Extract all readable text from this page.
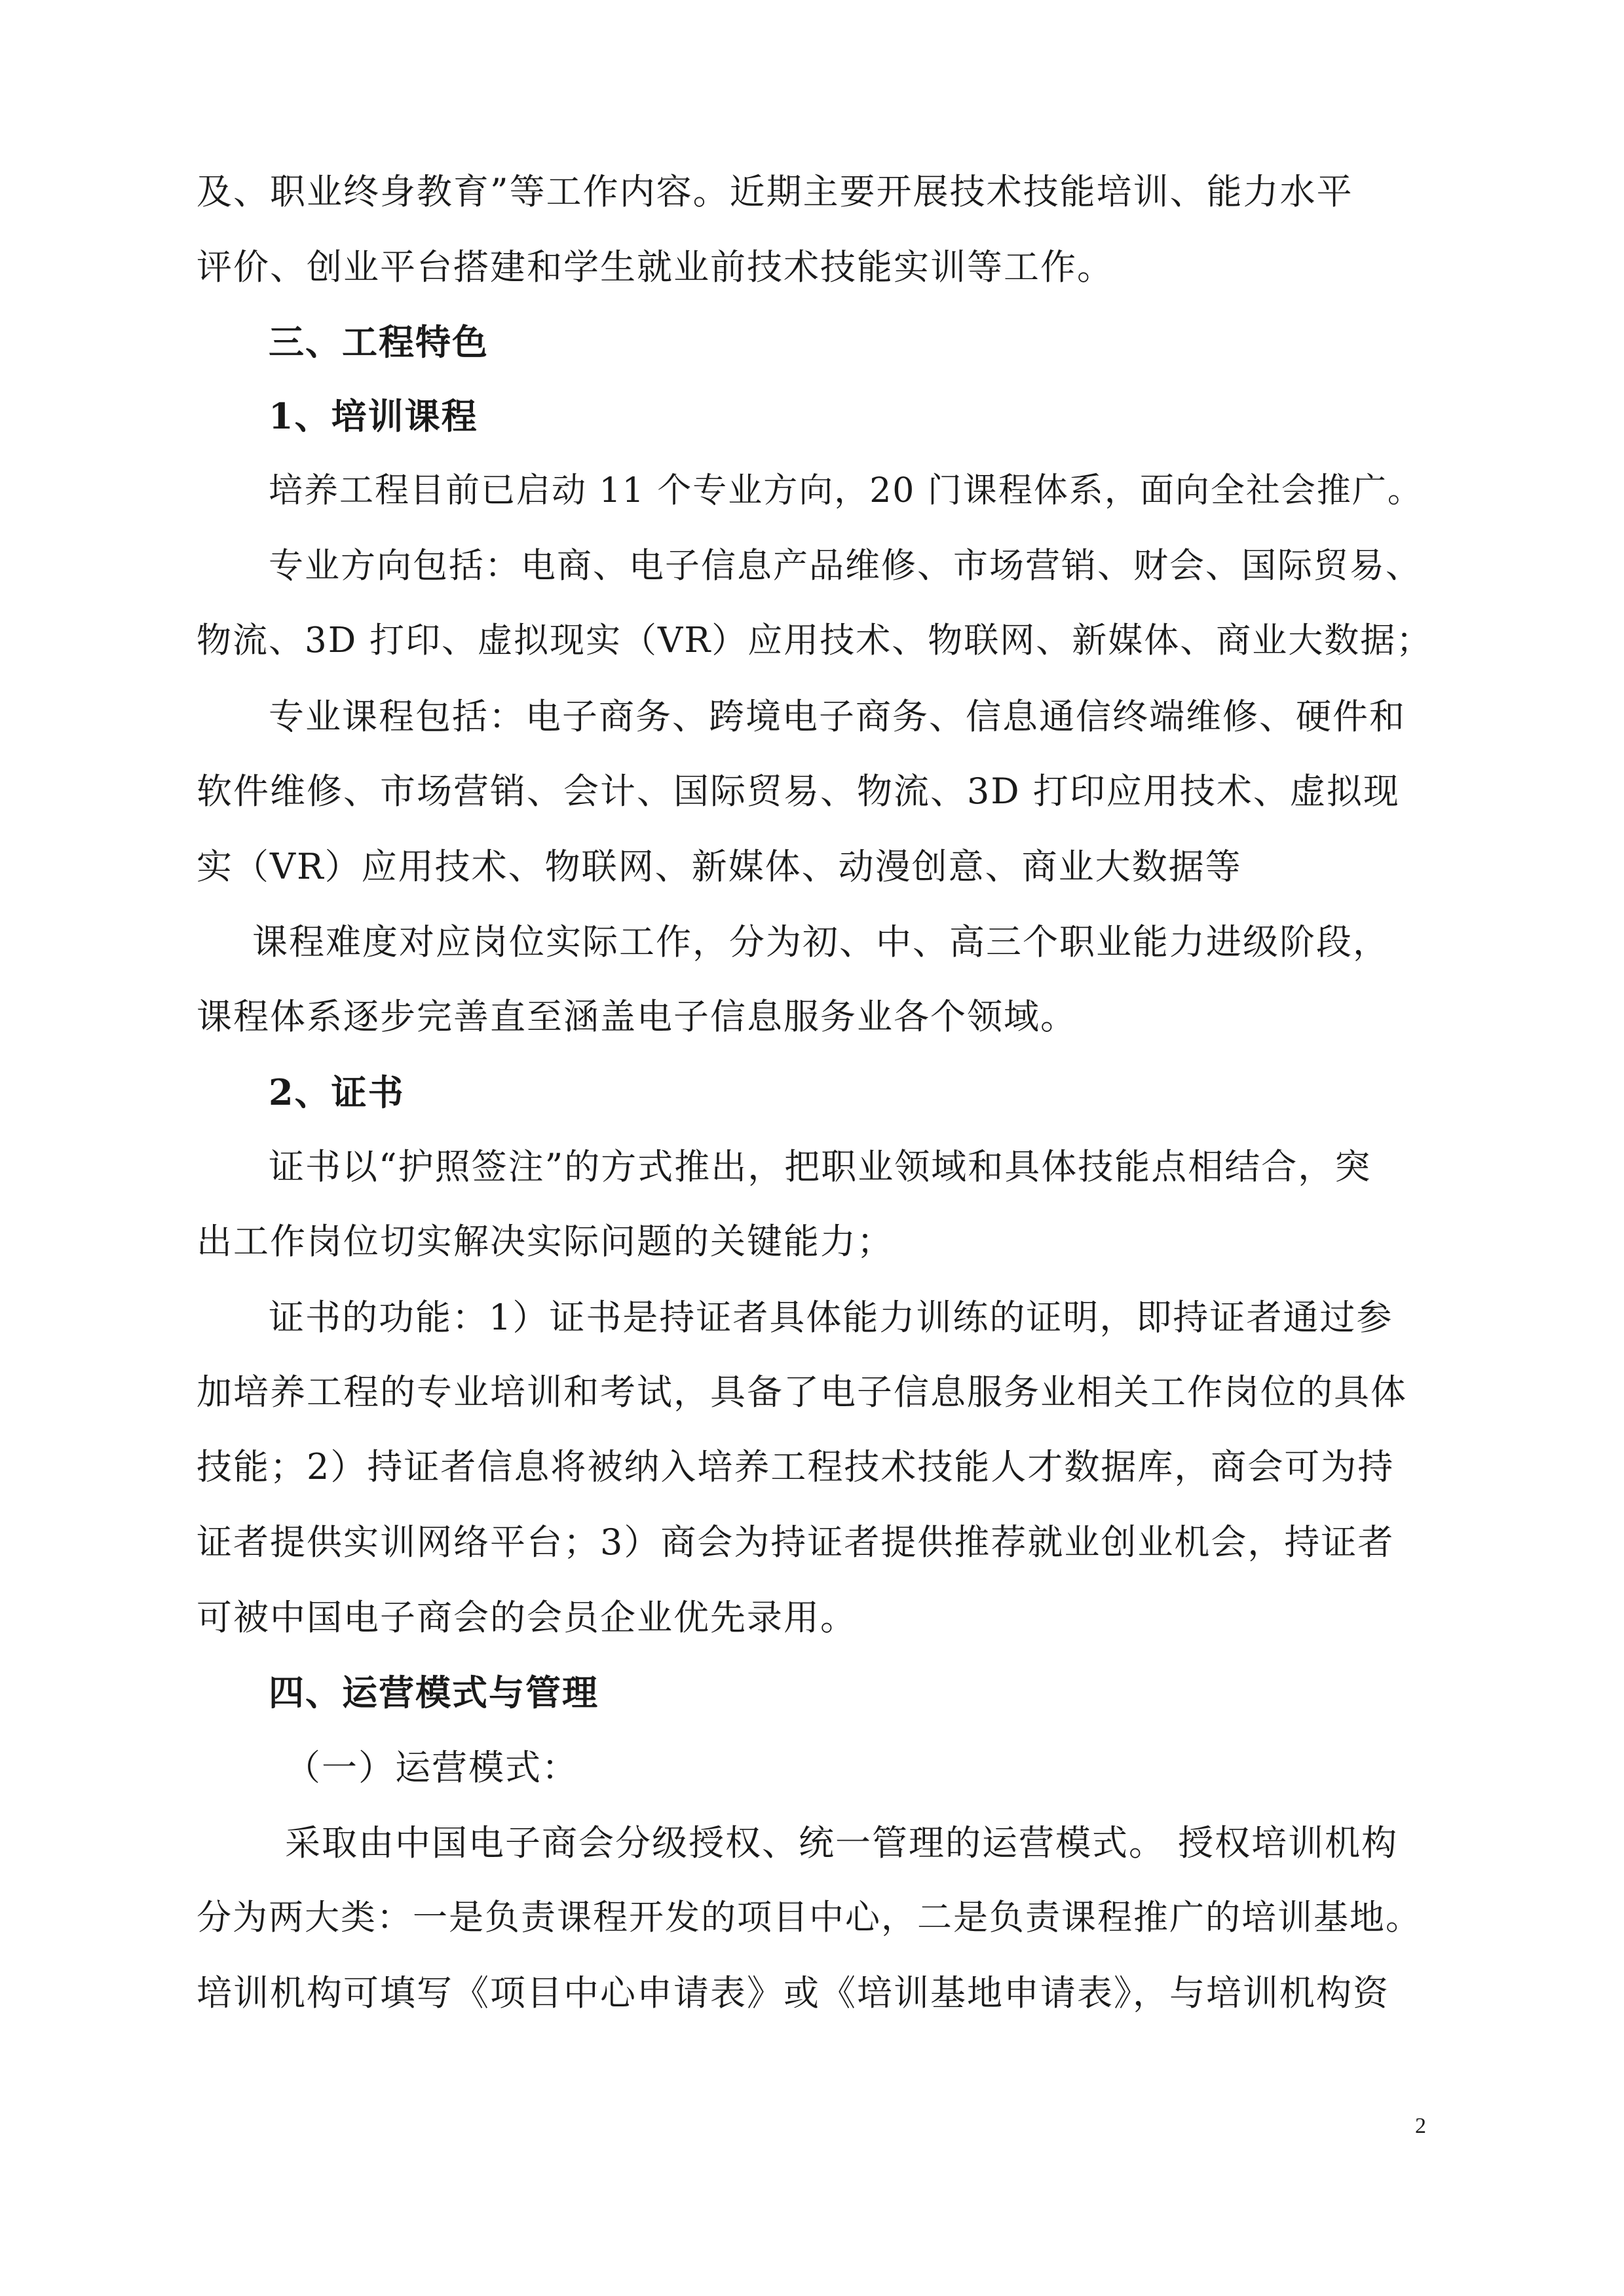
及、职业终身教育”等工作内容。近期主要开展技术技能培训、能力水平
评价、创业平台搭建和学生就业前技术技能实训等工作。
三、工程特色
1、培训课程
培养工程目前已启动 11 个专业方向，20 门课程体系，面向全社会推广。
专业方向包括：电商、电子信息产品维修、市场营销、财会、国际贸易、
物流、3D 打印、虚拟现实（VR）应用技术、物联网、新媒体、商业大数据；
专业课程包括：电子商务、跨境电子商务、信息通信终端维修、硬件和
软件维修、市场营销、会计、国际贸易、物流、3D 打印应用技术、虚拟现
实（VR）应用技术、物联网、新媒体、动漫创意、商业大数据等
课程难度对应岗位实际工作，分为初、中、高三个职业能力进级阶段，
课程体系逐步完善直至涵盖电子信息服务业各个领域。
2、证书
证书以“护照签注”的方式推出，把职业领域和具体技能点相结合，突
出工作岗位切实解决实际问题的关键能力；
证书的功能：1）证书是持证者具体能力训练的证明，即持证者通过参
加培养工程的专业培训和考试，具备了电子信息服务业相关工作岗位的具体
技能；2）持证者信息将被纳入培养工程技术技能人才数据库，商会可为持
证者提供实训网络平台；3）商会为持证者提供推荐就业创业机会，持证者
可被中国电子商会的会员企业优先录用。
四、运营模式与管理
（一）运营模式：
采取由中国电子商会分级授权、统一管理的运营模式。 授权培训机构
分为两大类：一是负责课程开发的项目中心，二是负责课程推广的培训基地。
培训机构可填写《项目中心申请表》或《培训基地申请表》，与培训机构资
2
